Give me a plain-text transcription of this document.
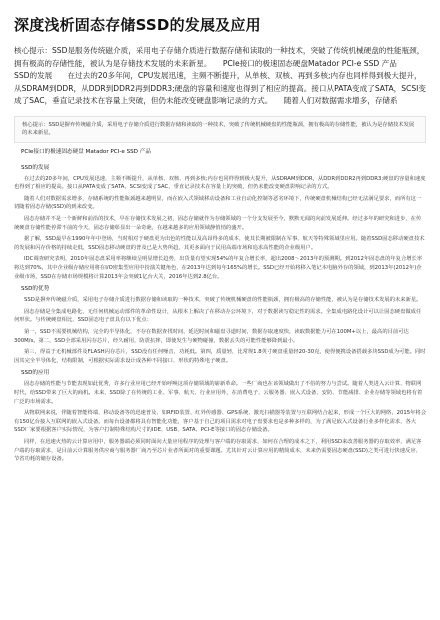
深度浅析固态存储SSD的发展及应用
核心提示：SSD是服务传统磁介质，采用电子存储介质进行数据存储和读取的一种技术，突破了传统机械硬盘的性能瓶颈，拥有极高的存储性能，被认为是存储技术发展的未来新星。　　PCIe接口的极速固态硬盘Matador PCI-e SSD 产品　　SSD的发展　　在过去的20多年间，CPU发展迅速，主频不断提升，从单核、双核、再到多核;内存也同样得到极大提升，从SDRAM到DDR，从DDR到DDR2再到DDR3;硬盘的容量和速度也得到了相应的提高。接口从PATA变成了SATA，SCSI变成了SAC，垂直记录技术在容量上突破，但仍未能改变硬盘影响记录的方式。　　随着人们对数据需求增多，存储系

核心提示：SSD是摒弃传统磁介质，采用电子存储介质进行数据存储和读取的一种技术，突破了传统机械硬盘的性能瓶颈，拥有极高的存储性能，被认为是存储技术发展的未来新星。

PCIe接口的极速固态硬盘 Matador PCI-e SSD 产品
SSD的发展

在过去的20多年间，CPU发展迅速，主频不断提升，从单核、双核、再到多核;内存也同样得到极大提升，从SDRAM到DDR，从DDR到DDR2再到DDR3;硬盘的容量和速度也得到了相应的提高。接口从PATA变成了SATA，SCSI变成了SAC，垂直记录技术在容量上的突破，但仍未能改变硬盘影响记录的方式。

随着人们对数据需求增多，存储系统的性能瓶颈越来越明显，而在嵌入式领域移动设备和工业自动化控制等恶劣环境下，传统硬盘机械结构已经无法满足要求，而所有这一切随着固态存储(SSD)的到来改变。

固态存储并不是一个新鲜和前沿的技术，早在存储技术发展之初，固态存储就作为存储领域的一个分支发展至今，默默无闻的向前发展延伸。经过多年的研究和进步，在传统硬盘存储性能停滞不前的今天，固态存储彰显出一朵奇葩，在越来越多的应用领域静悄悄的盛开。

据了解，SSD最早在1990年年中登场，当时相对于硬盘更为出色的性能以及高昂得多的成本，使其长期被限制在军事、航天等特殊领域里应用。随着SSD固态移动硬盘技术的发展和闪存价格的持续走低，SSD固态移动硬盘的普及已是大势所趋，其更多面向于民用高端市场和追求高性能的企业级用户。

IDC调查研究表明，2010年固态盘采用率将继续呈明显增长趋势，出货量有望实现54%的年复合增长率，超出2008～2013年的预测期。到2012年固态盘的年复合增长率将达到70%，其中企业级存储应用将在I/O密集型应用中扮演关键角色，在2013年达到每年165%的增长。SSD已经开始将移入笔记本电脑外存的领域，到2013年(2012年)企业级市场，SSD在存储市场规模将计算2013年会突破1亿台大关，2016年达到2.8亿台。

SSD的优势

SSD是摒弃传统磁介质，采用电子存储介质进行数据存储和读取的一种技术，突破了传统机械硬盘的性能瓶颈，拥有极高的存储性能，被认为是存储技术发展的未来新星。

固态存储是全集成电路化、无任何机械运动部件的革命性设计，从根本上解决了在移动办公环境下，对于数据读写稳定性的需求。全集成电路化设计可以让固态硬盘做成任何形状。与传统硬盘相比，SSD固态电子盘具有以下优点：

第一，SSD不需要机械结构，完全的半导体化，不存在数据查找时间、延迟时间和磁盘寻道时间，数据存取速度快，读取数据能力可在100M+以上，最高的目前可达300M/s。第二，SSD全部采用闪存芯片，经久耐用，防震抗摔，即使发生与硬物碰撞，数据丢失的可能性能够降到最小。

第三，得益于无机械部件及FLASH闪存芯片，SSD没有任何噪音，功耗低。第四，质量轻，比常规1.8英寸硬盘重量轻20-30克，使得便携设备搭载多块SSD成为可能。同时因其完全半导体化，结构限制，可根据实际需求设计成各种不同接口、形状的特殊电子硬盘。

SSD的应用

固态存储的性能与节能表现如此优秀，许多行业应用已经开始呼唤这项存储领域的崭新革命。一些厂商也在该领域做出了不俗的努力与尝试。随着人类进入云计算、物联网时代，给SSD带来了巨大的商机。未来，SSD除了在传统的工业、军事、航天、行业应用外，在消费电子、云服务器、嵌入式设备、安防、节能减排、企业存储等领域也将有着广泛的市场需求。

从物联网来说，伴随着智能终端、移动设备等的迅速普及，如RFID装置、红外传感器、GPS系统、激光扫描器等装置与互联网结合起来，形成一个巨大的网络，2015年将会有150亿台接入互联网的嵌入式设备。而每台设备都将具有智能化功能，客户基于自己的项目需求对电子盘要求也是多种多样的，为了满足嵌入式设备行业多样化需求，各大SSD厂家要根据客户实际情况，为客户打制特殊结构尺寸的IDE、USB、SATA、PCI-E等接口的固态存储设备。

同样，在迅速火热的云计算应用中，服务器端必须同时面向大量应用程序的处理与客户端的存取需求，如何在合理的成本之下，利用SSD来改善服务器的存取效率，满足客户端的存取需求，是目前云计算服务供应商与服务器厂商乃至芯片业者所面对的重要课题。尤其针对云计算应用的精简成本，未来仍需要固态硬盘(SSD)之类可进行快速反应、节省功耗的储存设备。
